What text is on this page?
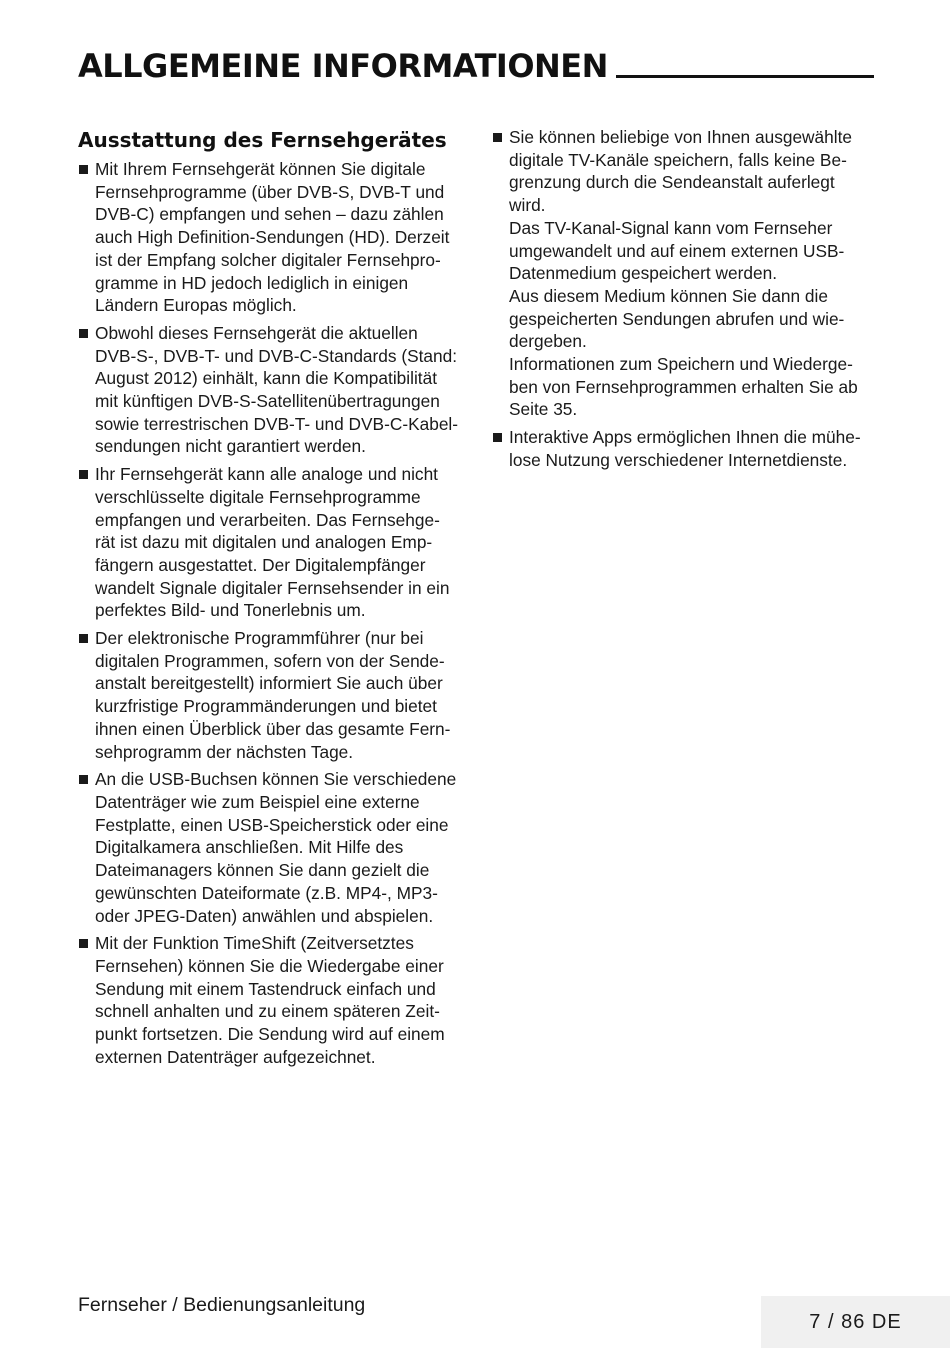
ALLGEMEINE INFORMATIONEN
Ausstattung des Fernsehgerätes
Mit Ihrem Fernsehgerät können Sie digitale
Fernsehprogramme (über DVB-S, DVB-T und
DVB-C) empfangen und sehen – dazu zählen
auch High Definition-Sendungen (HD). Derzeit
ist der Empfang solcher digitaler Fernsehpro-
gramme in HD jedoch lediglich in einigen
Ländern Europas möglich.
Obwohl dieses Fernsehgerät die aktuellen
DVB-S-, DVB-T- und DVB-C-Standards (Stand:
August 2012) einhält, kann die Kompatibilität
mit künftigen DVB-S-Satellitenübertragungen
sowie terrestrischen DVB-T- und DVB-C-Kabel-
sendungen nicht garantiert werden.
Ihr Fernsehgerät kann alle analoge und nicht
verschlüsselte digitale Fernsehprogramme
empfangen und verarbeiten. Das Fernsehge-
rät ist dazu mit digitalen und analogen Emp-
fängern ausgestattet. Der Digitalempfänger
wandelt Signale digitaler Fernsehsender in ein
perfektes Bild- und Tonerlebnis um.
Der elektronische Programmführer (nur bei
digitalen Programmen, sofern von der Sende-
anstalt bereitgestellt) informiert Sie auch über
kurzfristige Programmänderungen und bietet
ihnen einen Überblick über das gesamte Fern-
sehprogramm der nächsten Tage.
An die USB-Buchsen können Sie verschiedene
Datenträger wie zum Beispiel eine externe
Festplatte, einen USB-Speicherstick oder eine
Digitalkamera anschließen. Mit Hilfe des
Dateimanagers können Sie dann gezielt die
gewünschten Dateiformate (z.B. MP4-, MP3-
oder JPEG-Daten) anwählen und abspielen.
Mit der Funktion TimeShift (Zeitversetztes
Fernsehen) können Sie die Wiedergabe einer
Sendung mit einem Tastendruck einfach und
schnell anhalten und zu einem späteren Zeit-
punkt fortsetzen. Die Sendung wird auf einem
externen Datenträger aufgezeichnet.
Sie können beliebige von Ihnen ausgewählte
digitale TV-Kanäle speichern, falls keine Be-
grenzung durch die Sendeanstalt auferlegt
wird.
Das TV-Kanal-Signal kann vom Fernseher
umgewandelt und auf einem externen USB-
Datenmedium gespeichert werden.
Aus diesem Medium können Sie dann die
gespeicherten Sendungen abrufen und wie-
dergeben.
Informationen zum Speichern und Wiederge-
ben von Fernsehprogrammen erhalten Sie ab
Seite 35.
Interaktive Apps ermöglichen Ihnen die mühe-
lose Nutzung verschiedener Internetdienste.
Fernseher / Bedienungsanleitung
7 / 86 DE
